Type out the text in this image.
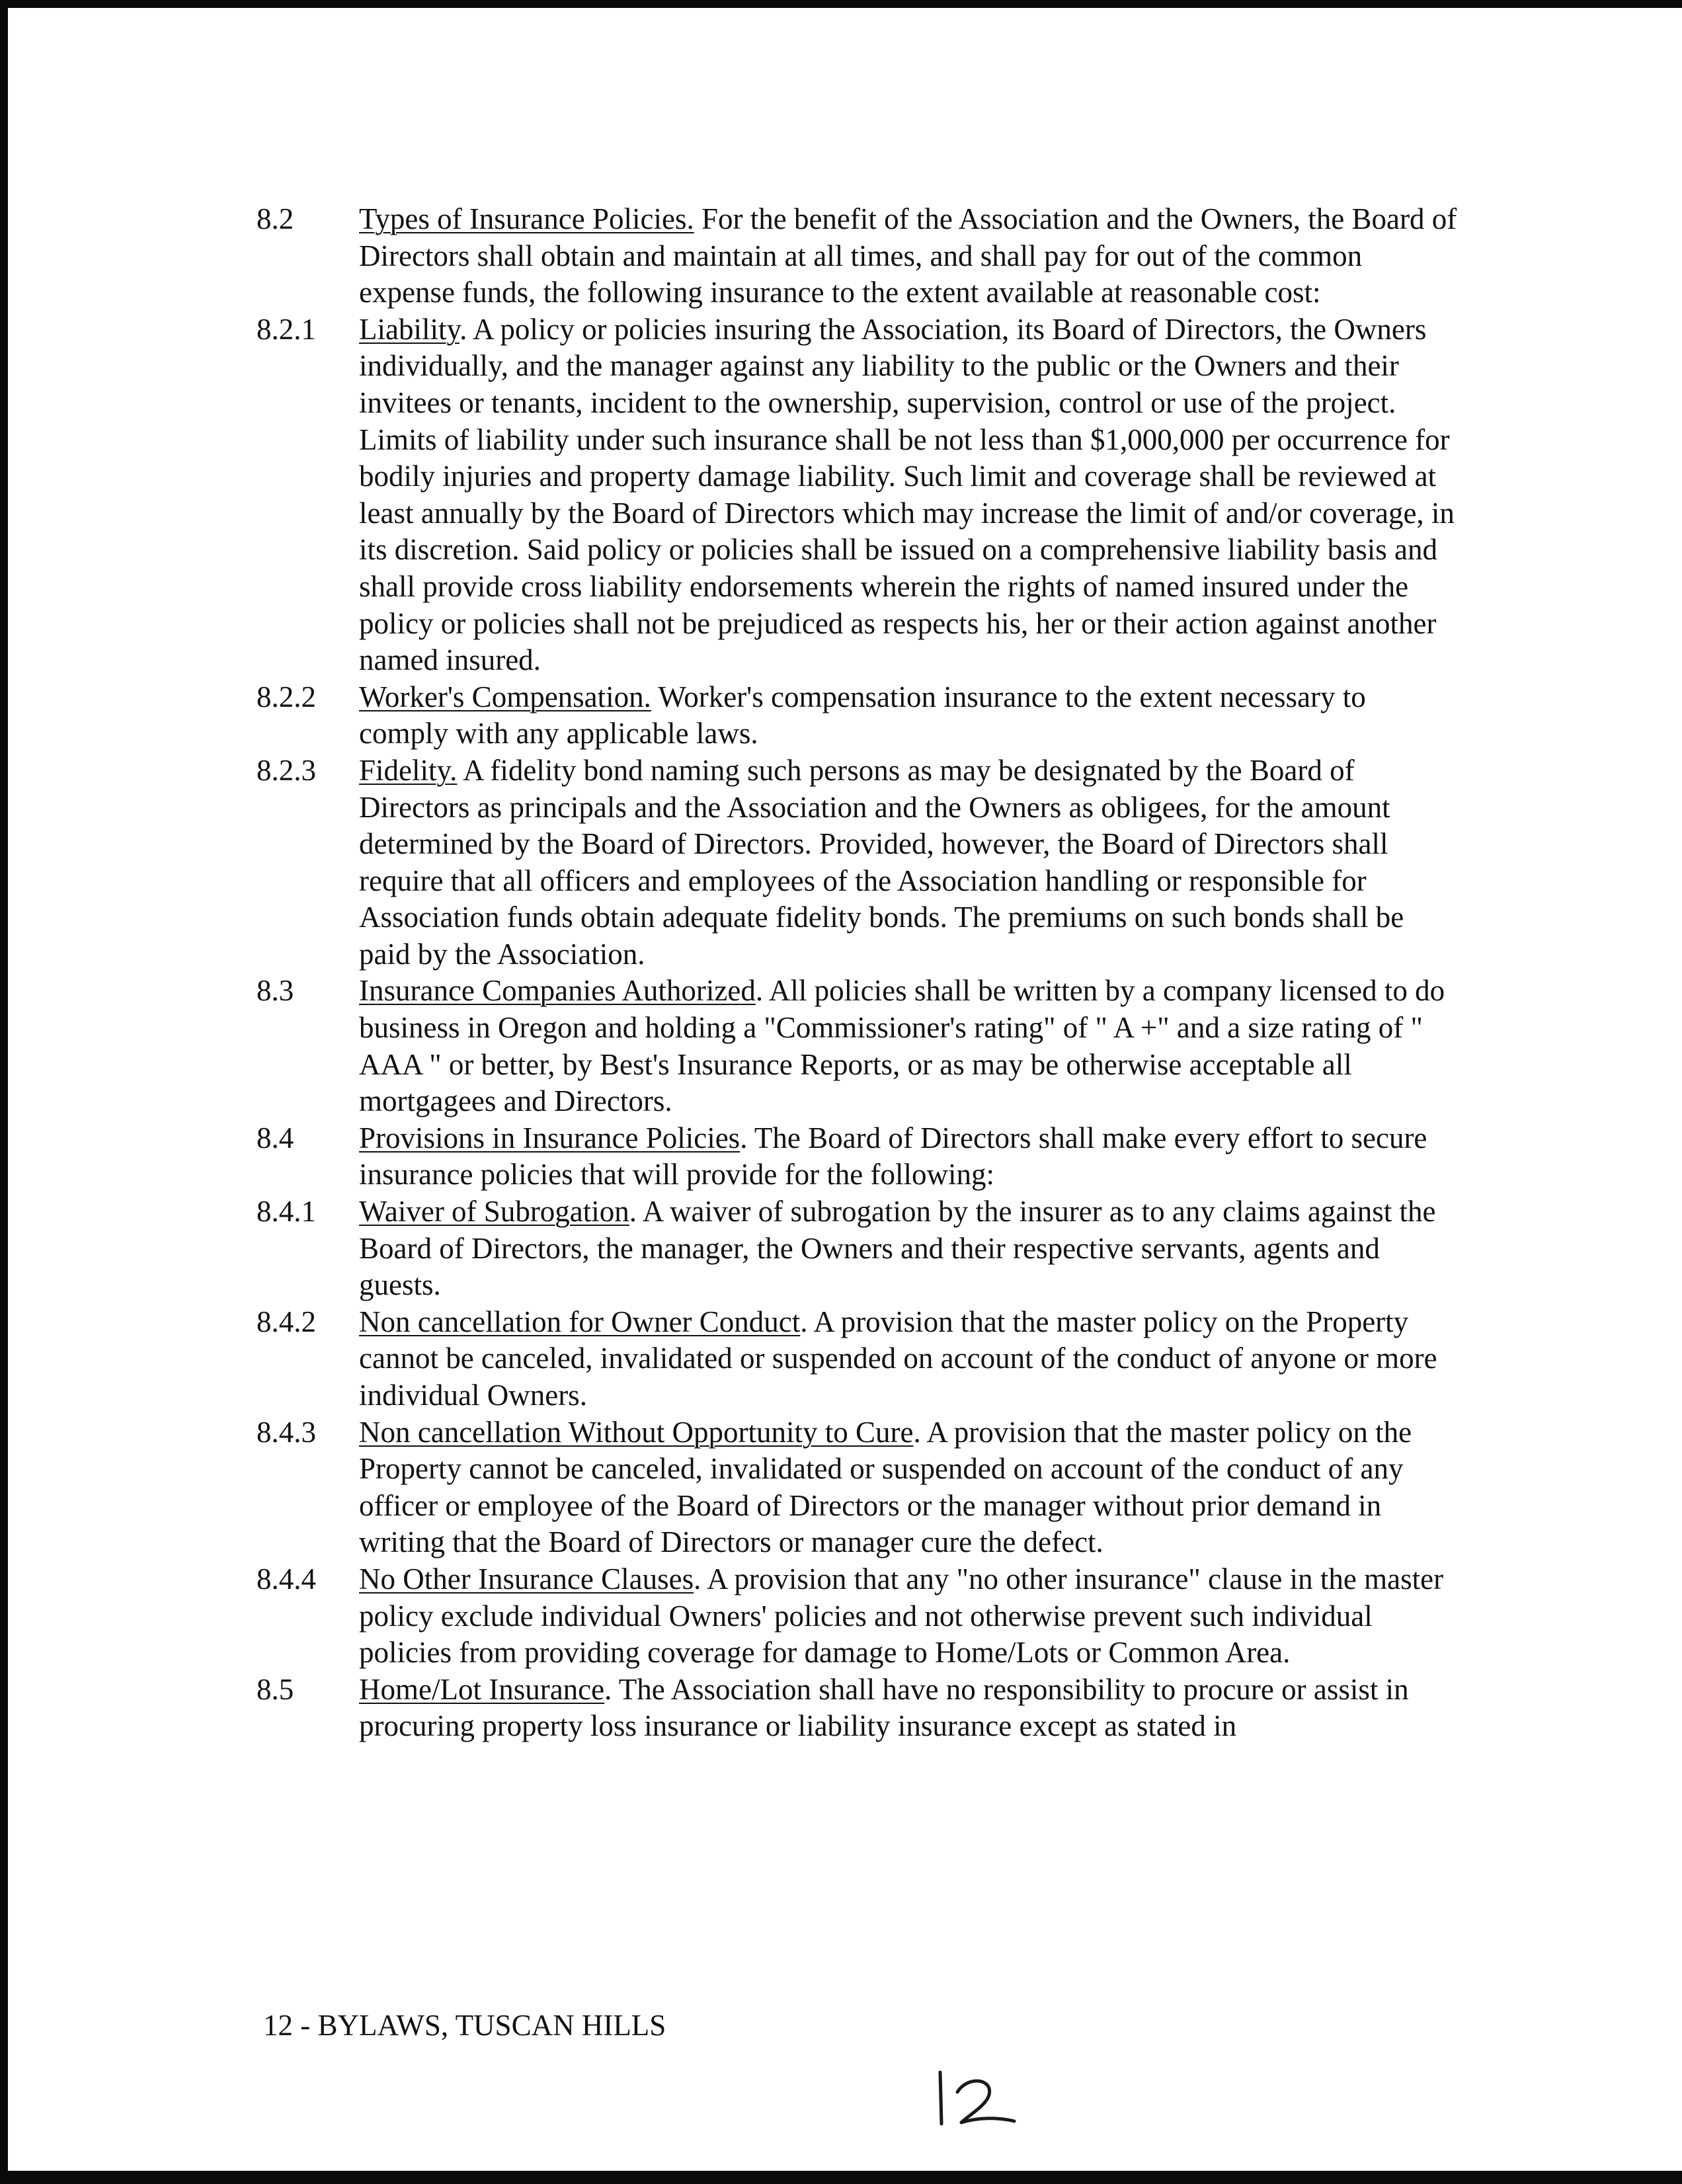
8.2	Types of Insurance Policies. For the benefit of the Association and the Owners, the Board of Directors shall obtain and maintain at all times, and shall pay for out of the common expense funds, the following insurance to the extent available at reasonable cost:
8.2.1	Liability. A policy or policies insuring the Association, its Board of Directors, the Owners individually, and the manager against any liability to the public or the Owners and their invitees or tenants, incident to the ownership, supervision, control or use of the project. Limits of liability under such insurance shall be not less than $1,000,000 per occurrence for bodily injuries and property damage liability. Such limit and coverage shall be reviewed at least annually by the Board of Directors which may increase the limit of and/or coverage, in its discretion. Said policy or policies shall be issued on a comprehensive liability basis and shall provide cross liability endorsements wherein the rights of named insured under the policy or policies shall not be prejudiced as respects his, her or their action against another named insured.
8.2.2	Worker's Compensation. Worker's compensation insurance to the extent necessary to comply with any applicable laws.
8.2.3	Fidelity. A fidelity bond naming such persons as may be designated by the Board of Directors as principals and the Association and the Owners as obligees, for the amount determined by the Board of Directors. Provided, however, the Board of Directors shall require that all officers and employees of the Association handling or responsible for Association funds obtain adequate fidelity bonds. The premiums on such bonds shall be paid by the Association.
8.3	Insurance Companies Authorized. All policies shall be written by a company licensed to do business in Oregon and holding a "Commissioner's rating" of " A +" and a size rating of " AAA " or better, by Best's Insurance Reports, or as may be otherwise acceptable all mortgagees and Directors.
8.4	Provisions in Insurance Policies. The Board of Directors shall make every effort to secure insurance policies that will provide for the following:
8.4.1	Waiver of Subrogation. A waiver of subrogation by the insurer as to any claims against the Board of Directors, the manager, the Owners and their respective servants, agents and guests.
8.4.2	Non cancellation for Owner Conduct. A provision that the master policy on the Property cannot be canceled, invalidated or suspended on account of the conduct of anyone or more individual Owners.
8.4.3	Non cancellation Without Opportunity to Cure. A provision that the master policy on the Property cannot be canceled, invalidated or suspended on account of the conduct of any officer or employee of the Board of Directors or the manager without prior demand in writing that the Board of Directors or manager cure the defect.
8.4.4	No Other Insurance Clauses. A provision that any "no other insurance" clause in the master policy exclude individual Owners' policies and not otherwise prevent such individual policies from providing coverage for damage to Home/Lots or Common Area.
8.5	Home/Lot Insurance. The Association shall have no responsibility to procure or assist in procuring property loss insurance or liability insurance except as stated in
12 - BYLAWS, TUSCAN HILLS
